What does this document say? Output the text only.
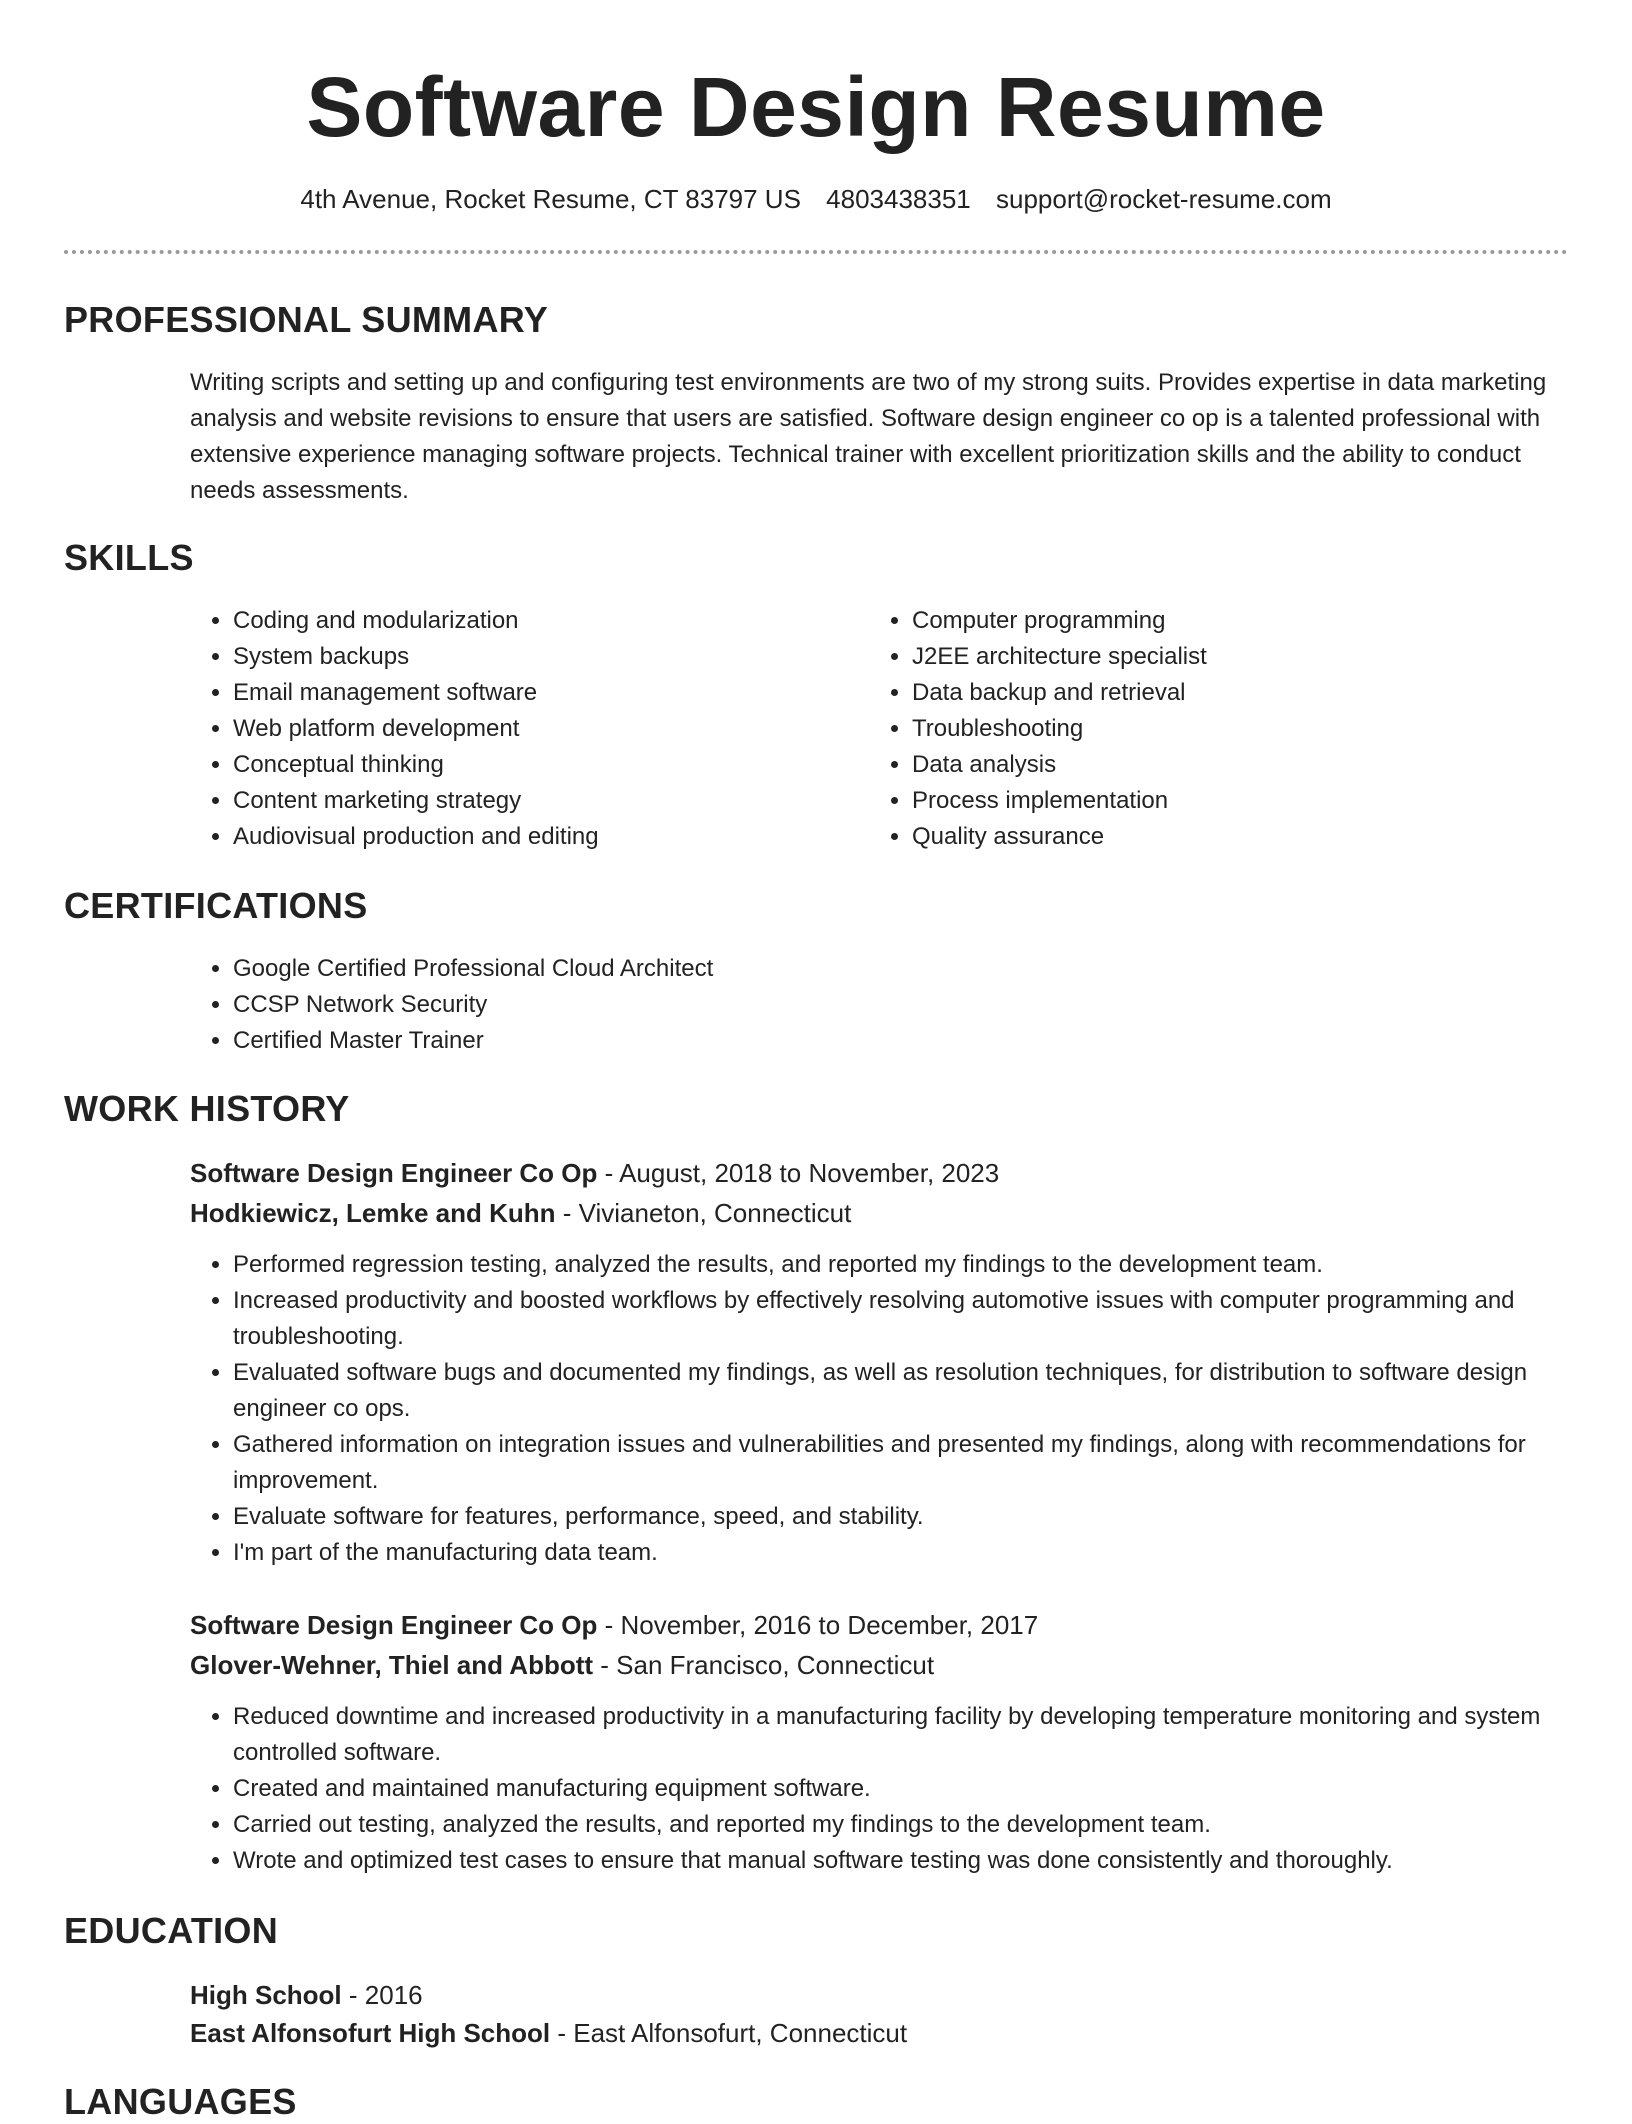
Software Design Resume
4th Avenue, Rocket Resume, CT 83797 US 4803438351 support@rocket-resume.com
PROFESSIONAL SUMMARY

Writing scripts and setting up and configuring test environments are two of my strong suits. Provides expertise in data marketing analysis and website revisions to ensure that users are satisfied. Software design engineer co op is a talented professional with extensive experience managing software projects. Technical trainer with excellent prioritization skills and the ability to conduct needs assessments.

SKILLS
• Coding and modularization
• System backups
• Email management software
• Web platform development
• Conceptual thinking
• Content marketing strategy
• Audiovisual production and editing
• Computer programming
• J2EE architecture specialist
• Data backup and retrieval
• Troubleshooting
• Data analysis
• Process implementation
• Quality assurance
CERTIFICATIONS
• Google Certified Professional Cloud Architect
• CCSP Network Security
• Certified Master Trainer
WORK HISTORY
Software Design Engineer Co Op - August, 2018 to November, 2023
Hodkiewicz, Lemke and Kuhn - Vivianeton, Connecticut
• Performed regression testing, analyzed the results, and reported my findings to the development team.
• Increased productivity and boosted workflows by effectively resolving automotive issues with computer programming and troubleshooting.
• Evaluated software bugs and documented my findings, as well as resolution techniques, for distribution to software design engineer co ops.
• Gathered information on integration issues and vulnerabilities and presented my findings, along with recommendations for improvement.
• Evaluate software for features, performance, speed, and stability.
• I'm part of the manufacturing data team.
Software Design Engineer Co Op - November, 2016 to December, 2017
Glover-Wehner, Thiel and Abbott - San Francisco, Connecticut
• Reduced downtime and increased productivity in a manufacturing facility by developing temperature monitoring and system controlled software.
• Created and maintained manufacturing equipment software.
• Carried out testing, analyzed the results, and reported my findings to the development team.
• Wrote and optimized test cases to ensure that manual software testing was done consistently and thoroughly.
EDUCATION
High School - 2016
East Alfonsofurt High School - East Alfonsofurt, Connecticut
LANGUAGES
